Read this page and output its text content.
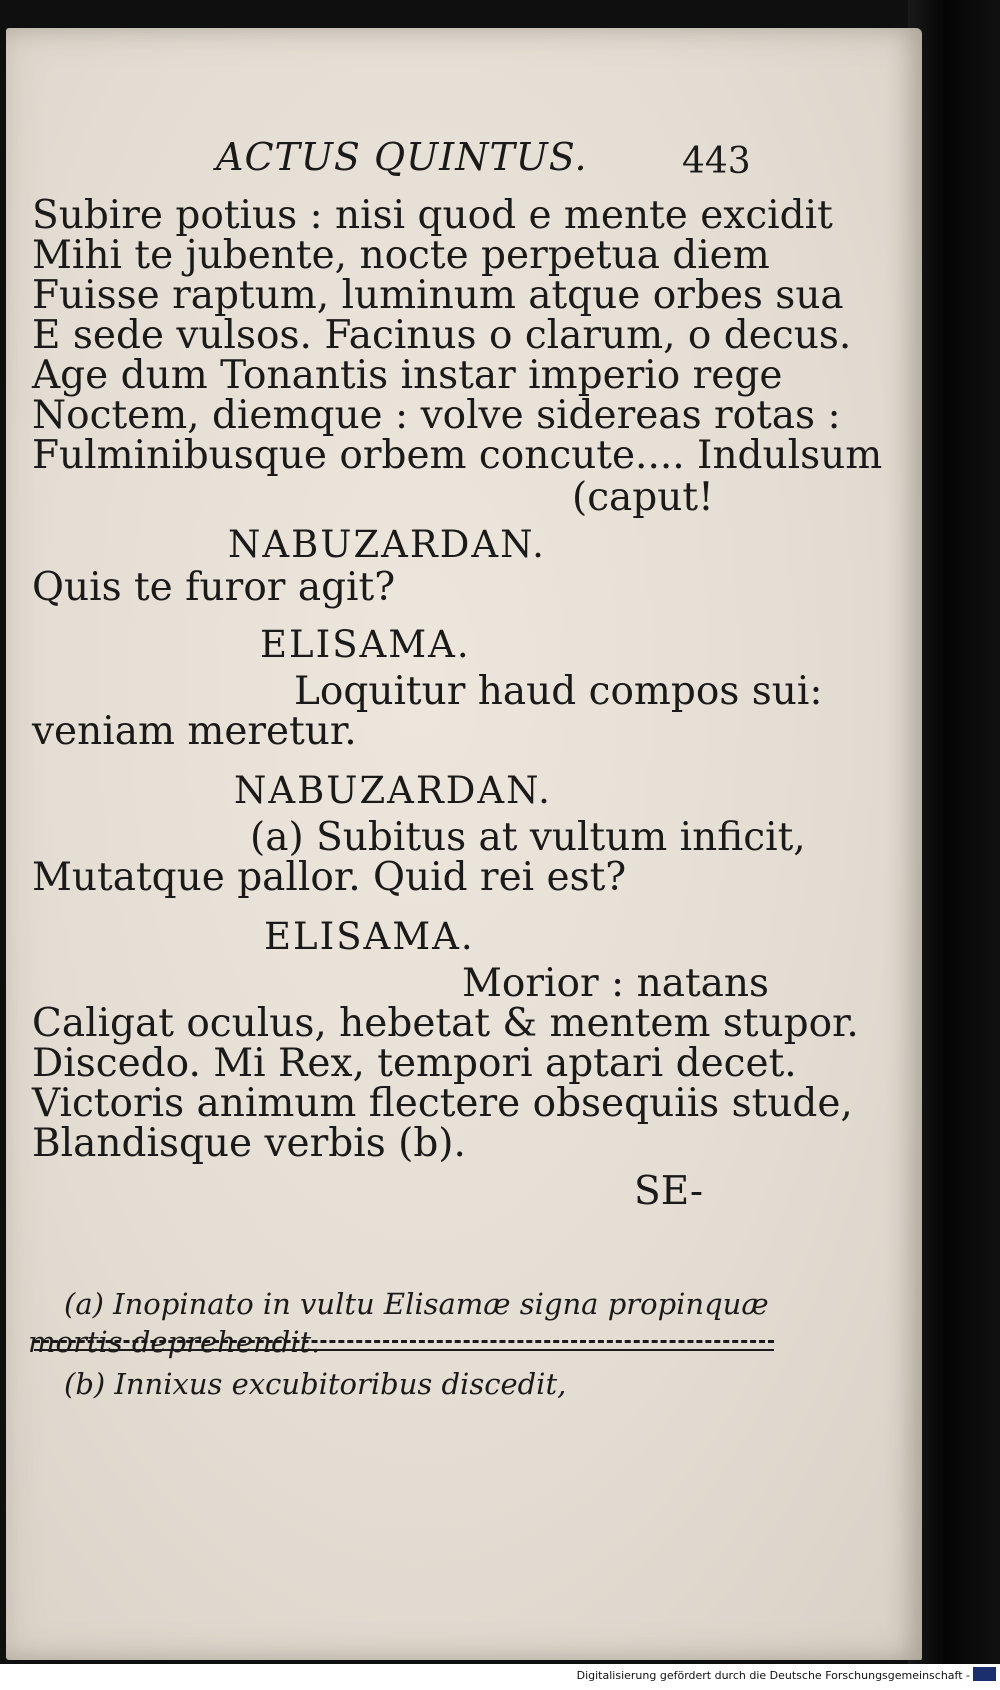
ACTUS QUINTUS.	443
Subire potius : nisi quod e mente excidit
Mihi te jubente, nocte perpetua diem
Fuisse raptum, luminum atque orbes sua
E sede vulsos. Facinus o clarum, o decus.
Age dum Tonantis instar imperio rege
Noctem, diemque : volve sidereas rotas :
Fulminibusque orbem concute.... Indulsum
(caput!
NABUZARDAN.
Quis te furor agit?
ELISAMA.
Loquitur haud compos sui:
veniam meretur.
NABUZARDAN.
(a) Subitus at vultum inficit,
Mutatque pallor. Quid rei est?
ELISAMA.
Morior : natans
Caligat oculus, hebetat & mentem stupor.
Discedo. Mi Rex, tempori aptari decet.
Victoris animum flectere obsequiis stude,
Blandisque verbis (b).
SE-
(a) Inopinato in vultu Elisamæ signa propinquæ
mortis deprehendit.
(b) Innixus excubitoribus discedit,
Digitalisierung gefördert durch die Deutsche Forschungsgemeinschaft -
